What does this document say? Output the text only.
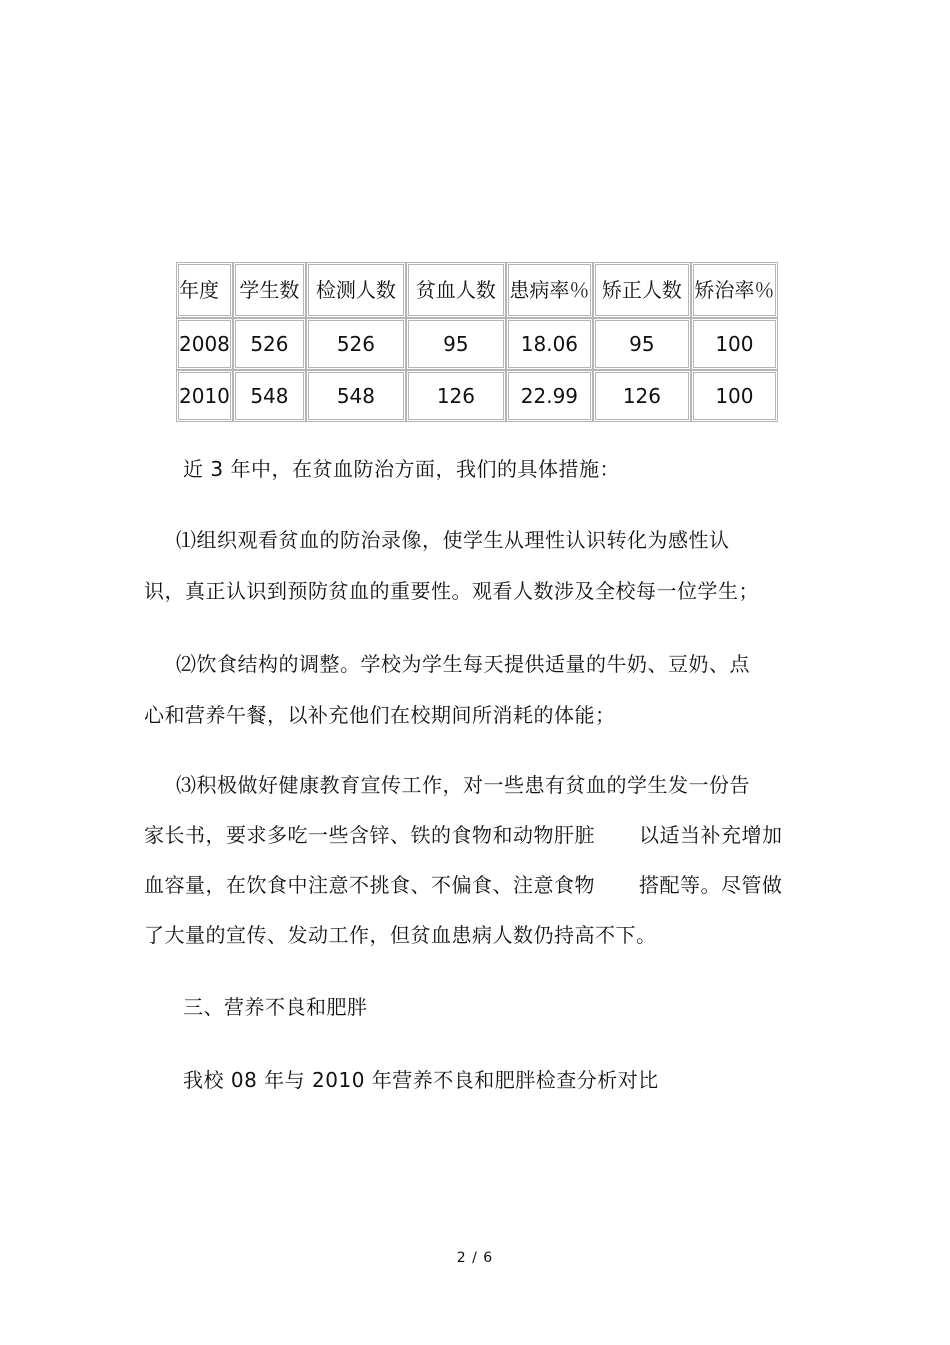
年度	学生数	检测人数	贫血人数	患病率％	矫正人数	矫治率％
2008	526	526	95	18.06	95	100
2010	548	548	126	22.99	126	100
近 3 年中，在贫血防治方面，我们的具体措施：
⑴组织观看贫血的防治录像，使学生从理性认识转化为感性认
识，真正认识到预防贫血的重要性。观看人数涉及全校每一位学生；
⑵饮食结构的调整。学校为学生每天提供适量的牛奶、豆奶、点
心和营养午餐，以补充他们在校期间所消耗的体能；
⑶积极做好健康教育宣传工作，对一些患有贫血的学生发一份告
家长书，要求多吃一些含锌、铁的食物和动物肝脏 以适当补充增加
血容量，在饮食中注意不挑食、不偏食、注意食物 搭配等。尽管做
了大量的宣传、发动工作，但贫血患病人数仍持高不下。
三、营养不良和肥胖
我校 08 年与 2010 年营养不良和肥胖检查分析对比
2 / 6
